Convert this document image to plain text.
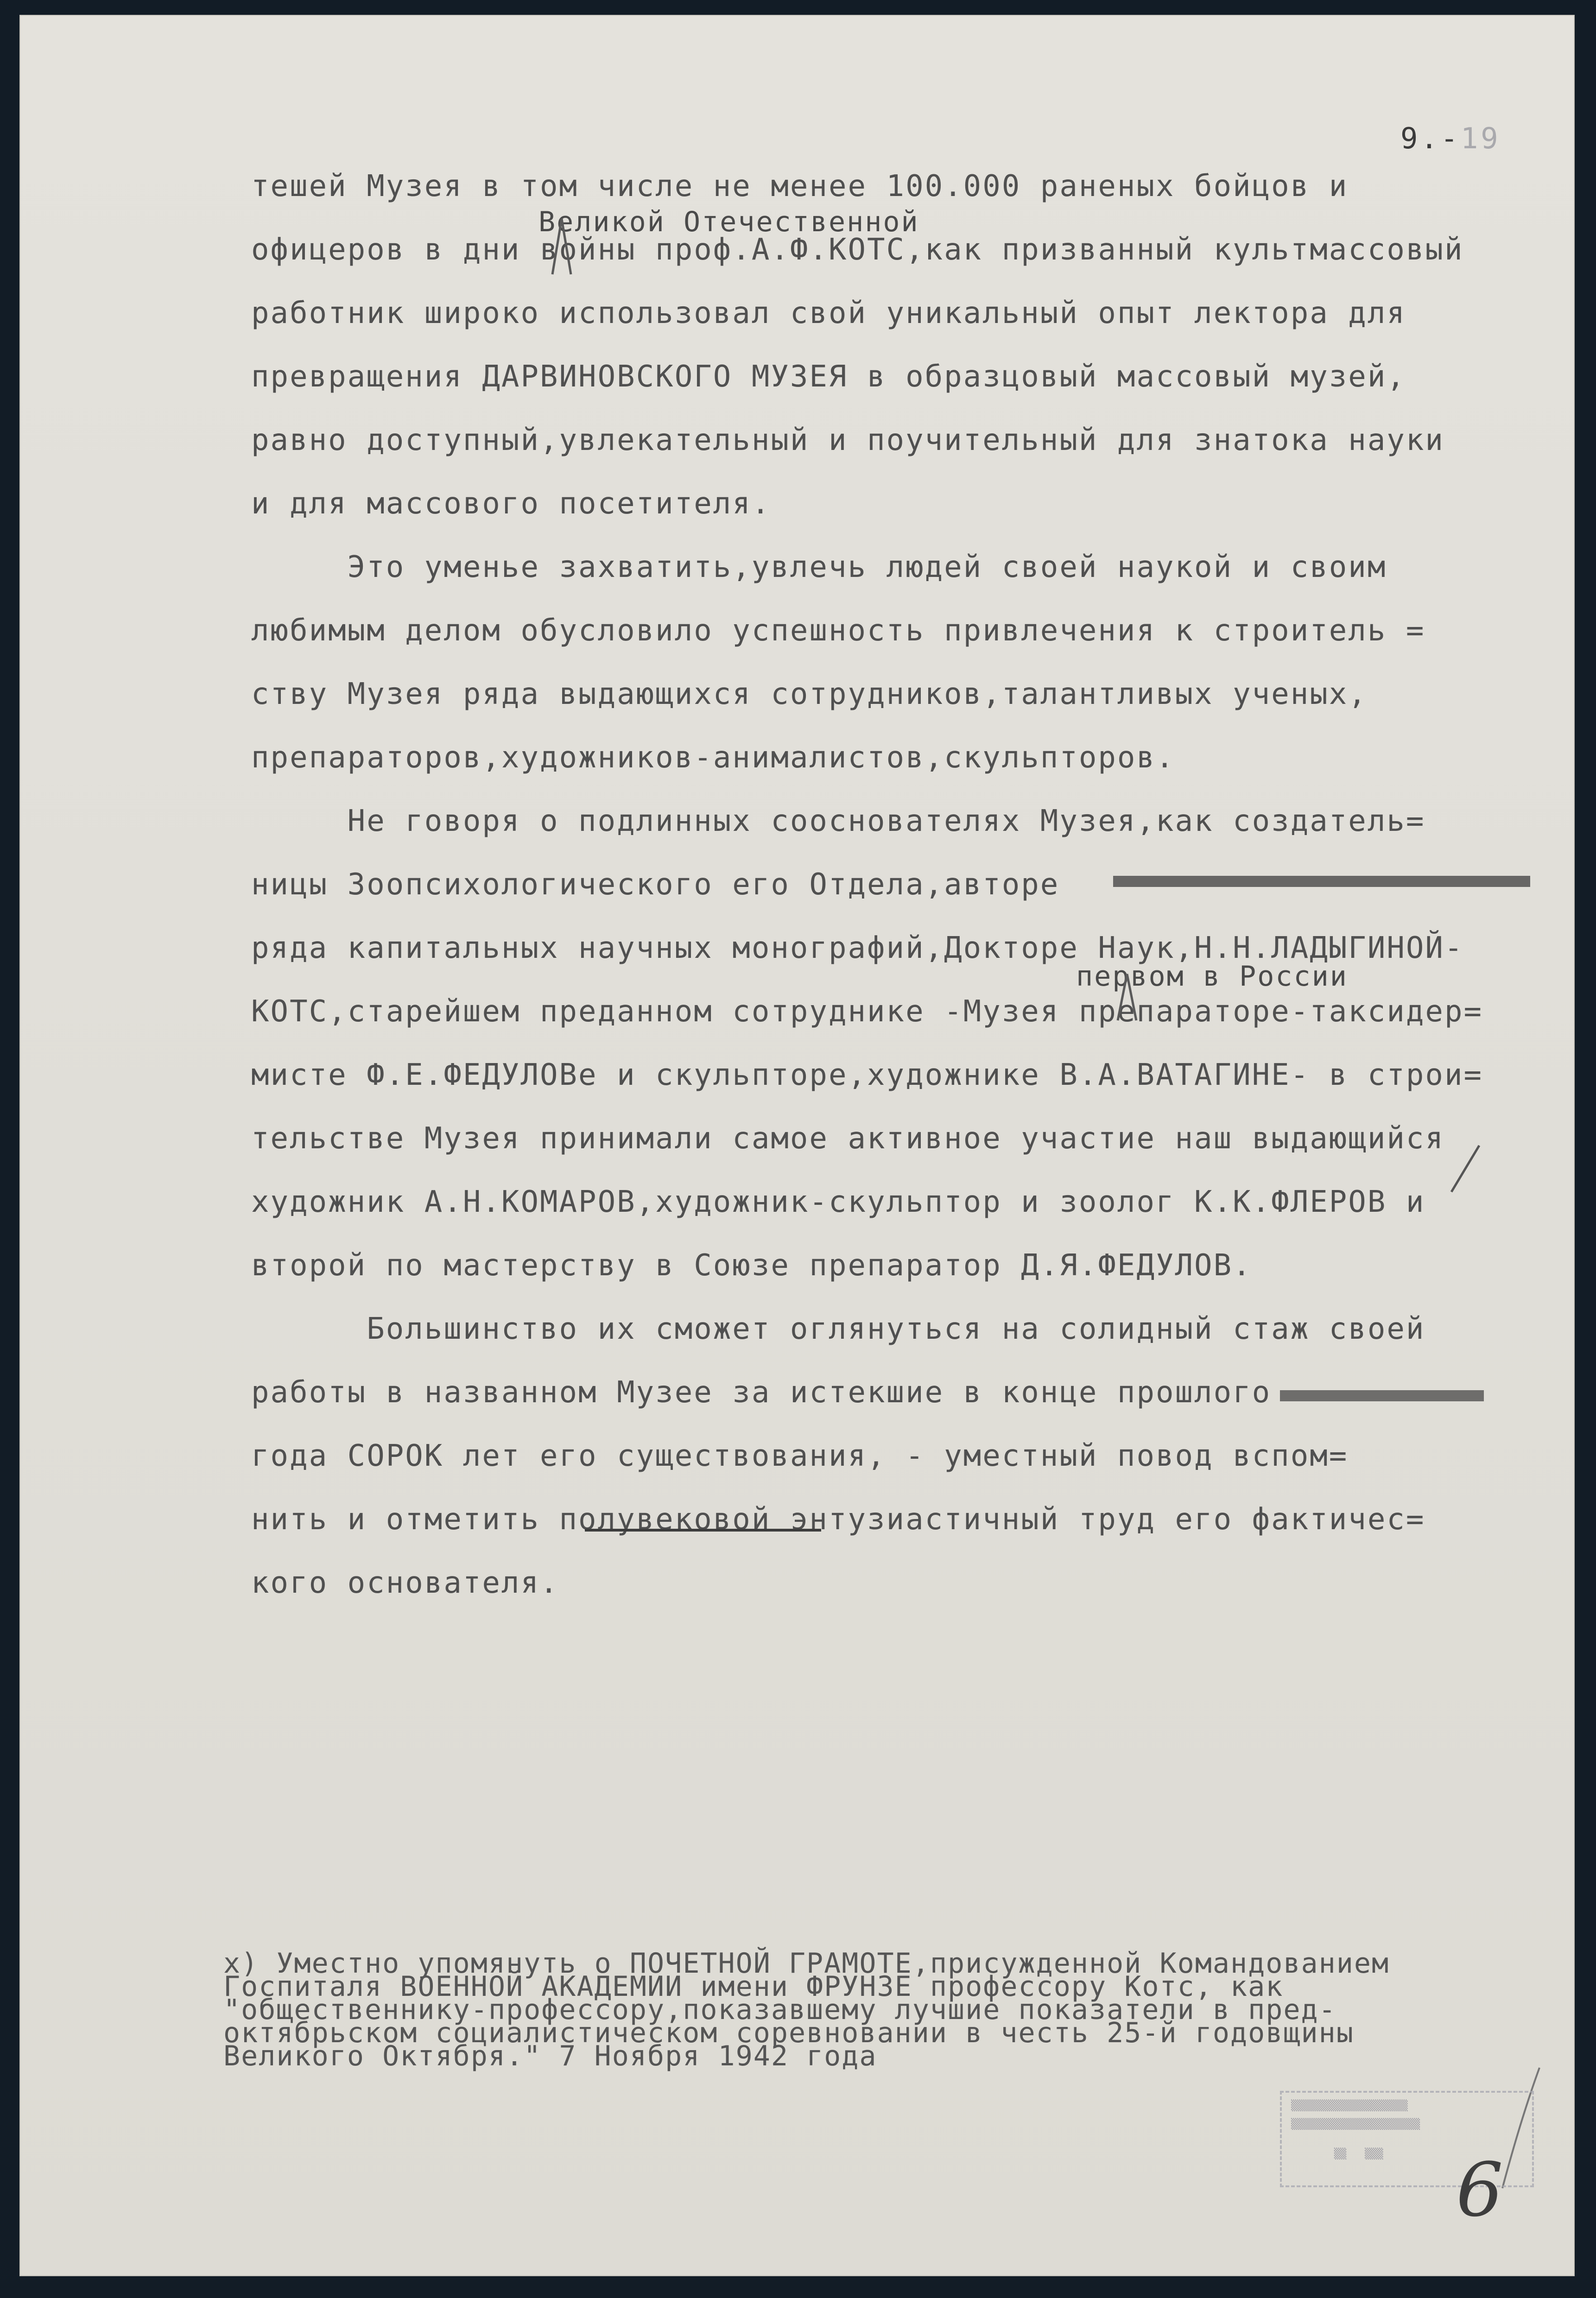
9.-19
Великой Отечественной
первом в России
тешей Музея в том числе не менее 100.000 раненых бойцов и
офицеров в дни войны проф.А.Ф.КОТС,как призванный культмассовый
работник широко использовал свой уникальный опыт лектора для
превращения ДАРВИНОВСКОГО МУЗЕЯ в образцовый массовый музей,
равно доступный,увлекательный и поучительный для знатока науки
и для массового посетителя.
Это уменье захватить,увлечь людей своей наукой и своим
любимым делом обусловило успешность привлечения к строитель =
ству Музея ряда выдающихся сотрудников,талантливых ученых,
препараторов,художников-анималистов,скульпторов.
Не говоря о подлинных сооснователях Музея,как создатель=
ницы Зоопсихологического его Отдела,авторе
ряда капитальных научных монографий,Докторе Наук,Н.Н.ЛАДЫГИНОЙ-
КОТС,старейшем преданном сотруднике -Музея препараторе-таксидер=
мисте Ф.Е.ФЕДУЛОВе и скульпторе,художнике В.А.ВАТАГИНЕ- в строи=
тельстве Музея принимали самое активное участие наш выдающийся
художник А.Н.КОМАРОВ,художник-скульптор и зоолог К.К.ФЛЕРОВ и
второй по мастерству в Союзе препаратор Д.Я.ФЕДУЛОВ.
Большинство их сможет оглянуться на солидный стаж своей
работы в названном Музее за истекшие в конце прошлого
года СОРОК лет его существования, - уместный повод вспом=
нить и отметить полувековой энтузиастичный труд его фактичес=
кого основателя.
х) Уместно упомянуть о ПОЧЕТНОЙ ГРАМОТЕ,присужденной Командованием
Госпиталя ВОЕННОЙ АКАДЕМИИ имени ФРУНЗЕ профессору Котс, как
"общественнику-профессору,показавшему лучшие показатели в пред-
октябрьском социалистическом соревновании в честь 25-й годовщины
Великого Октября." 7 Ноября 1942 года
▒▒▒▒▒▒▒▒▒▒▒▒▒▒▒▒▒▒▒
▒▒▒▒▒▒▒▒▒▒▒▒▒▒▒▒▒▒▒▒▒
▒▒   ▒▒▒ 6
